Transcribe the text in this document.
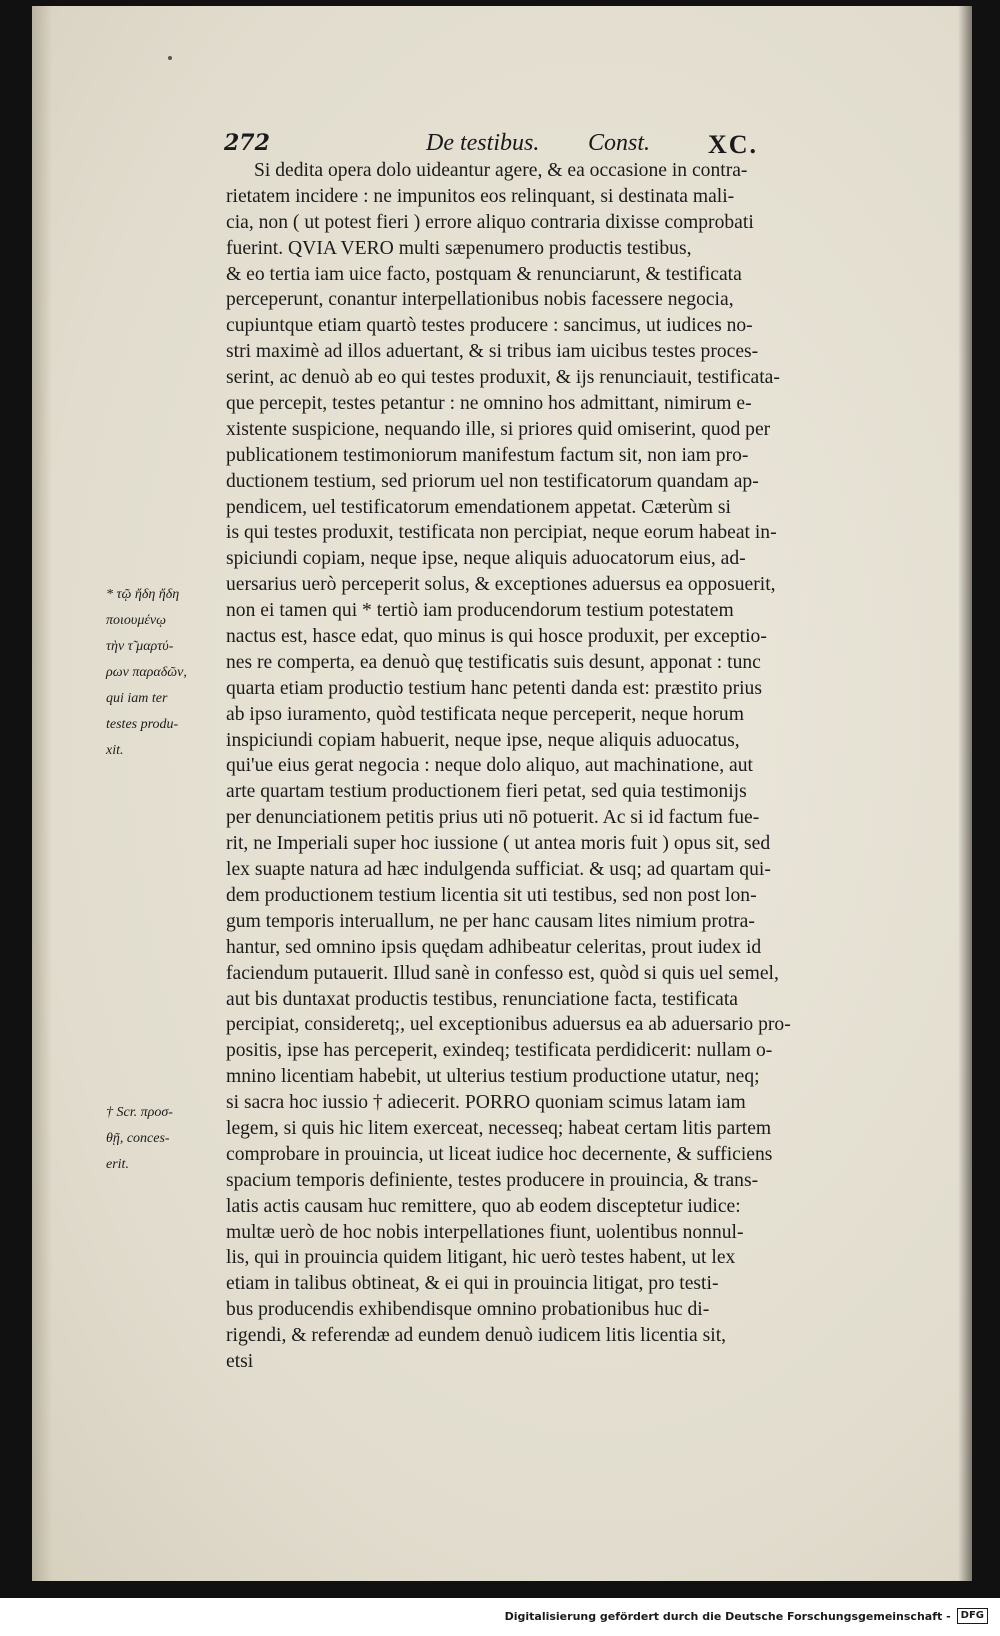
272	De testibus. Const. XC.
Si dedita opera dolo uideantur agere, & ea occasione in contra-
rietatem incidere : ne impunitos eos relinquant, si destinata mali-
cia, non ( ut potest fieri ) errore aliquo contraria dixisse comprobati
fuerint. QVIA VERO multi sæpenumero productis testibus,
& eo tertia iam uice facto, postquam & renunciarunt, & testificata
perceperunt, conantur interpellationibus nobis facessere negocia,
cupiuntque etiam quartò testes producere : sancimus, ut iudices no-
stri maximè ad illos aduertant, & si tribus iam uicibus testes proces-
serint, ac denuò ab eo qui testes produxit, & ijs renunciauit, testificata-
que percepit, testes petantur : ne omnino hos admittant, nimirum e-
xistente suspicione, nequando ille, si priores quid omiserint, quod per
publicationem testimoniorum manifestum factum sit, non iam pro-
ductionem testium, sed priorum uel non testificatorum quandam ap-
pendicem, uel testificatorum emendationem appetat. Cæterùm si
is qui testes produxit, testificata non percipiat, neque eorum habeat in-
spiciundi copiam, neque ipse, neque aliquis aduocatorum eius, ad-
uersarius uerò perceperit solus, & exceptiones aduersus ea opposuerit,
non ei tamen qui * tertiò iam producendorum testium potestatem
nactus est, hasce edat, quo minus is qui hosce produxit, per exceptio-
nes re comperta, ea denuò quę testificatis suis desunt, apponat : tunc
quarta etiam productio testium hanc petenti danda est: præstito prius
ab ipso iuramento, quòd testificata neque perceperit, neque horum
inspiciundi copiam habuerit, neque ipse, neque aliquis aduocatus,
qui'ue eius gerat negocia : neque dolo aliquo, aut machinatione, aut
arte quartam testium productionem fieri petat, sed quia testimonijs
per denunciationem petitis prius uti nō potuerit. Ac si id factum fue-
rit, ne Imperiali super hoc iussione ( ut antea moris fuit ) opus sit, sed
lex suapte natura ad hæc indulgenda sufficiat. & usq; ad quartam qui-
dem productionem testium licentia sit uti testibus, sed non post lon-
gum temporis interuallum, ne per hanc causam lites nimium protra-
hantur, sed omnino ipsis quędam adhibeatur celeritas, prout iudex id
faciendum putauerit. Illud sanè in confesso est, quòd si quis uel semel,
aut bis duntaxat productis testibus, renunciatione facta, testificata
percipiat, consideretq;, uel exceptionibus aduersus ea ab aduersario pro-
positis, ipse has perceperit, exindeq; testificata perdidicerit: nullam o-
mnino licentiam habebit, ut ulterius testium productione utatur, neq;
si sacra hoc iussio † adiecerit. PORRO quoniam scimus latam iam
legem, si quis hic litem exerceat, necesseq; habeat certam litis partem
comprobare in prouincia, ut liceat iudice hoc decernente, & sufficiens
spacium temporis definiente, testes producere in prouincia, & trans-
latis actis causam huc remittere, quo ab eodem disceptetur iudice:
multæ uerò de hoc nobis interpellationes fiunt, uolentibus nonnul-
lis, qui in prouincia quidem litigant, hic uerò testes habent, ut lex
etiam in talibus obtineat, & ei qui in prouincia litigat, pro testi-
bus producendis exhibendisque omnino probationibus huc di-
rigendi, & referendæ ad eundem denuò iudicem litis licentia sit,
etsi
* τῷ ἤδη ἤδη
ποιουμένῳ
τὴν τ̃ μαρτύ-
ρων παραδῶν,
qui iam ter
testes produ-
xit.
† Scr. προσ-
θῇ, conces-
erit.
Digitalisierung gefördert durch die Deutsche Forschungsgemeinschaft -	DFG
